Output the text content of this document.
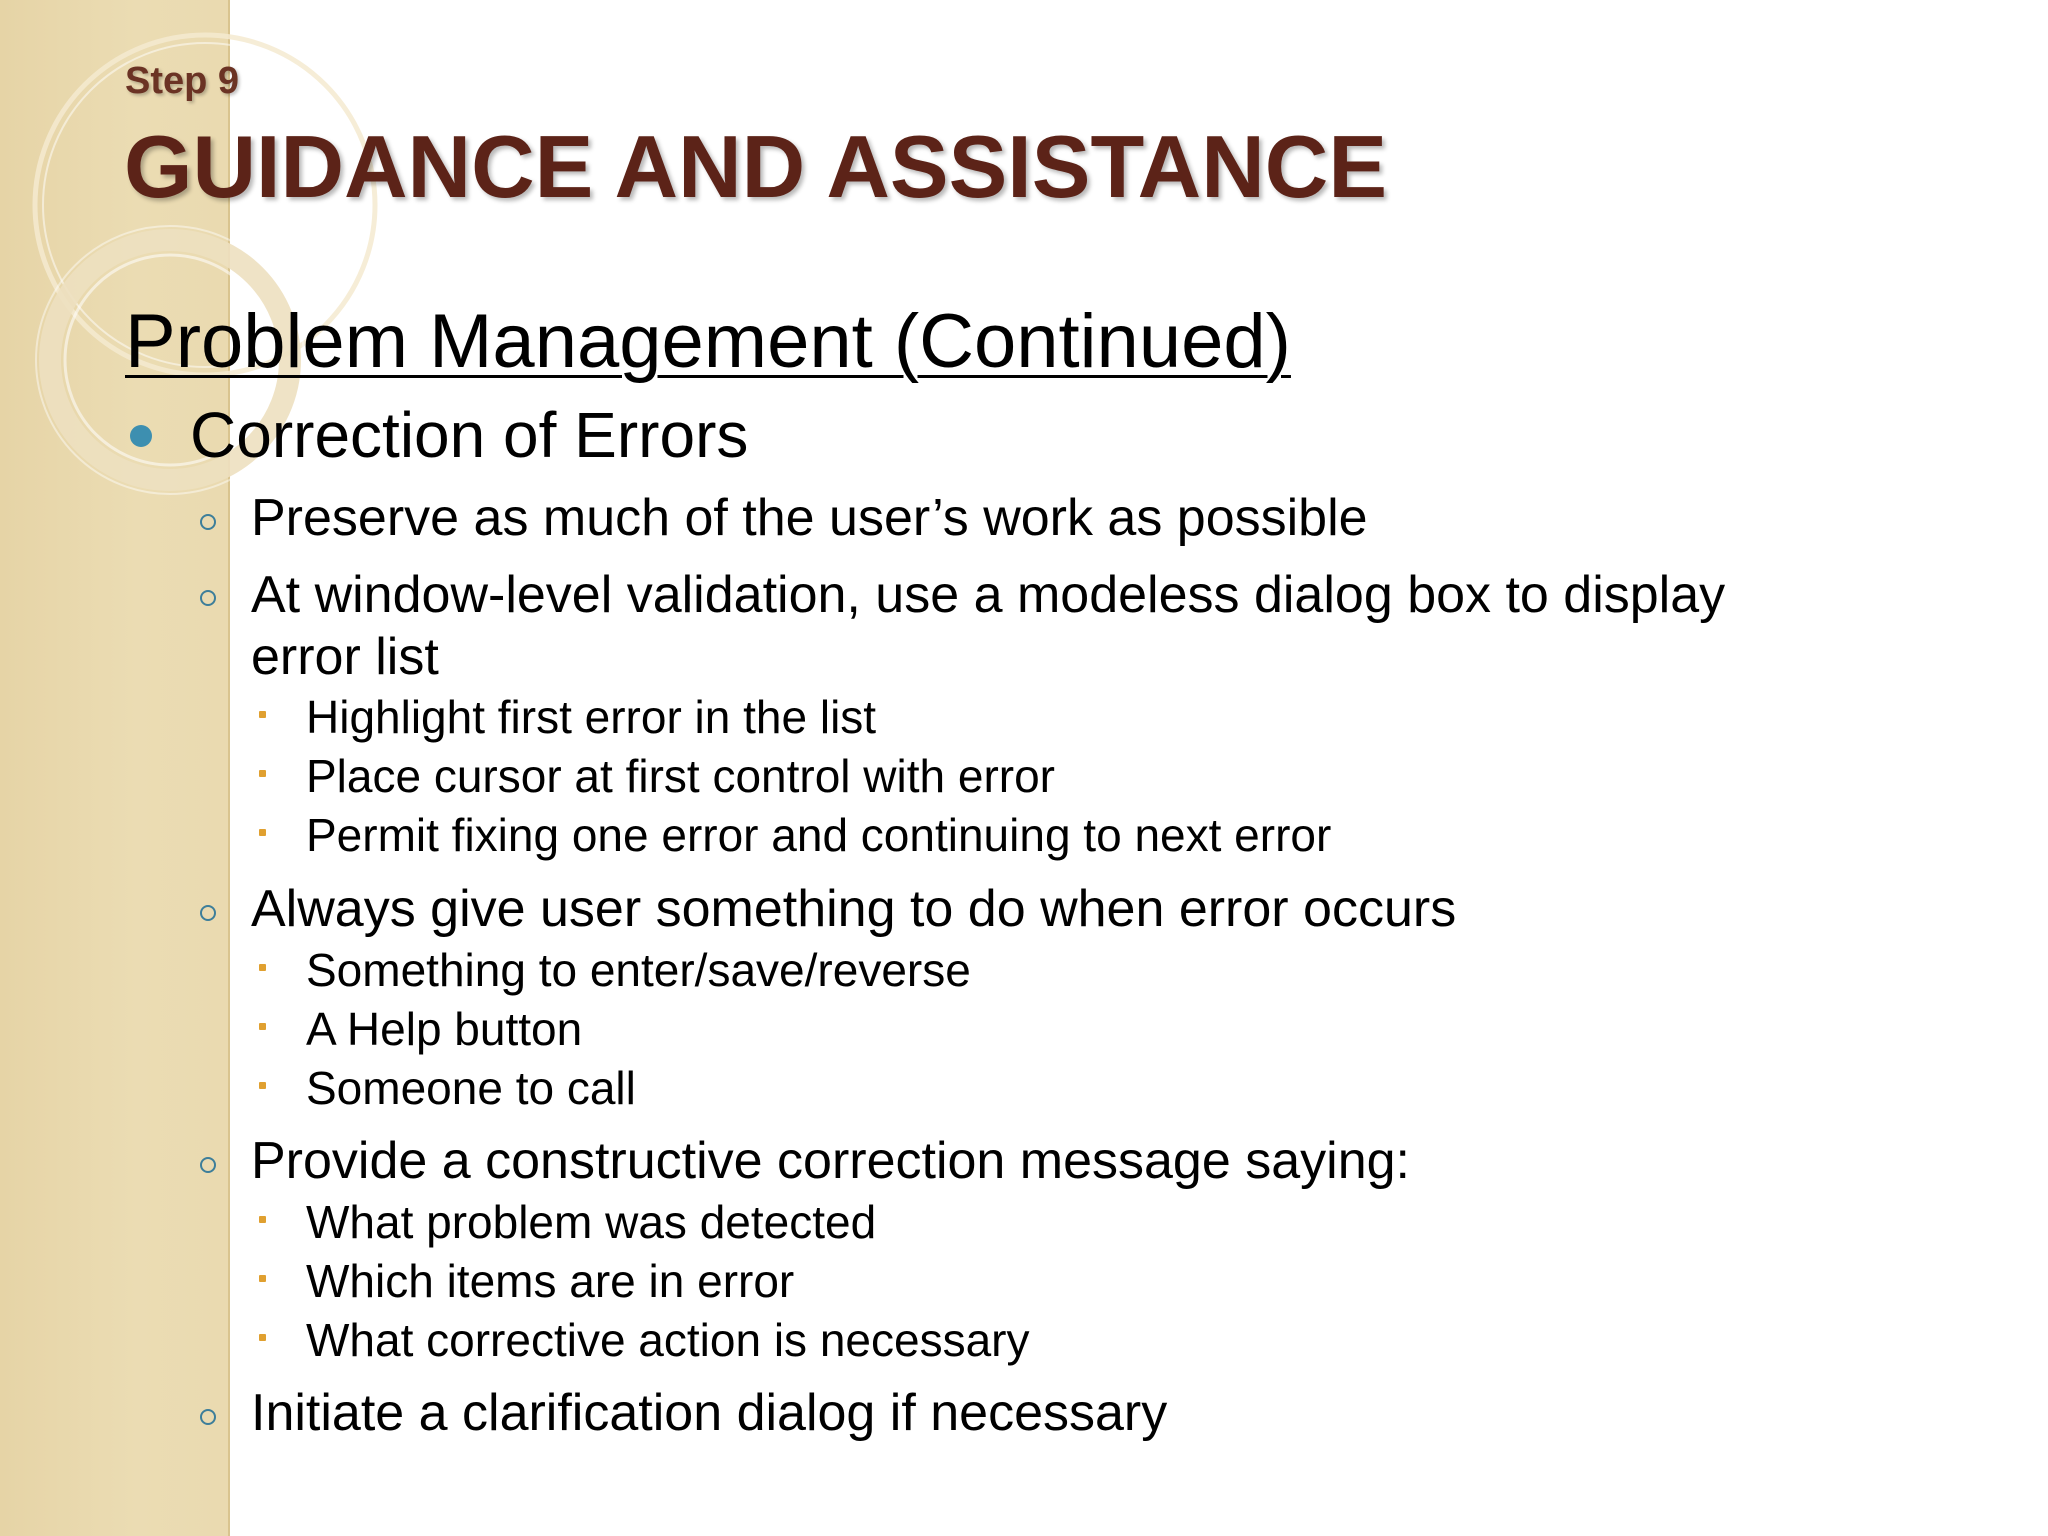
Step 9
GUIDANCE AND ASSISTANCE
Problem Management (Continued)
Correction of Errors
Preserve as much of the user’s work as possible
At window-level validation, use a modeless dialog box to display
error list
Highlight first error in the list
Place cursor at first control with error
Permit fixing one error and continuing to next error
Always give user something to do when error occurs
Something to enter/save/reverse
A Help button
Someone to call
Provide a constructive correction message saying:
What problem was detected
Which items are in error
What corrective action is necessary
Initiate a clarification dialog if necessary
